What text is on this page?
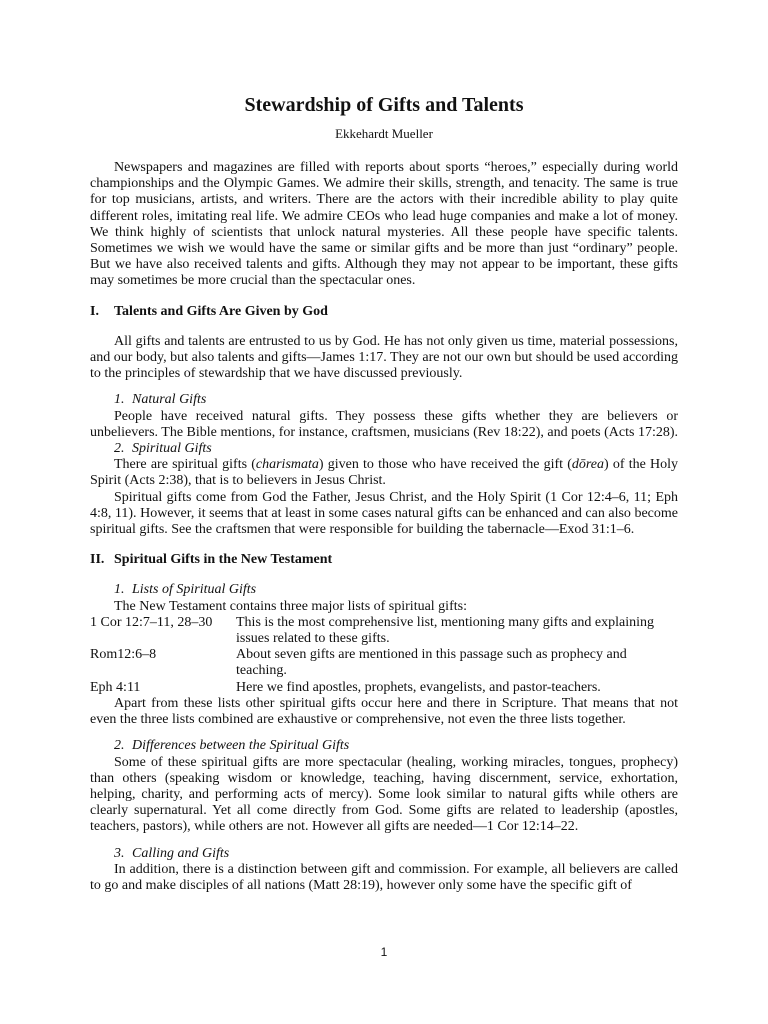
Stewardship of Gifts and Talents
Ekkehardt Mueller

Newspapers and magazines are filled with reports about sports “heroes,” especially during world championships and the Olympic Games. We admire their skills, strength, and tenacity. The same is true for top musicians, artists, and writers. There are the actors with their incredible ability to play quite different roles, imitating real life. We admire CEOs who lead huge companies and make a lot of money. We think highly of scientists that unlock natural mysteries. All these people have specific talents. Sometimes we wish we would have the same or similar gifts and be more than just “ordinary” people. But we have also received talents and gifts. Although they may not appear to be important, these gifts may sometimes be more crucial than the spectacular ones.

I.	Talents and Gifts Are Given by God

All gifts and talents are entrusted to us by God. He has not only given us time, material possessions, and our body, but also talents and gifts—James 1:17. They are not our own but should be used according to the principles of stewardship that we have discussed previously.

1. Natural Gifts

People have received natural gifts. They possess these gifts whether they are believers or unbelievers. The Bible mentions, for instance, craftsmen, musicians (Rev 18:22), and poets (Acts 17:28).

2. Spiritual Gifts

There are spiritual gifts (charismata) given to those who have received the gift (dōrea) of the Holy Spirit (Acts 2:38), that is to believers in Jesus Christ.

Spiritual gifts come from God the Father, Jesus Christ, and the Holy Spirit (1 Cor 12:4–6, 11; Eph 4:8, 11). However, it seems that at least in some cases natural gifts can be enhanced and can also become spiritual gifts. See the craftsmen that were responsible for building the tabernacle—Exod 31:1–6.

II. Spiritual Gifts in the New Testament

1. Lists of Spiritual Gifts

The New Testament contains three major lists of spiritual gifts:

1 Cor 12:7–11, 28–30	This is the most comprehensive list, mentioning many gifts and explaining issues related to these gifts.
Rom12:6–8	About seven gifts are mentioned in this passage such as prophecy and teaching.
Eph 4:11	Here we find apostles, prophets, evangelists, and pastor-teachers.

Apart from these lists other spiritual gifts occur here and there in Scripture. That means that not even the three lists combined are exhaustive or comprehensive, not even the three lists together.

2. Differences between the Spiritual Gifts

Some of these spiritual gifts are more spectacular (healing, working miracles, tongues, prophecy) than others (speaking wisdom or knowledge, teaching, having discernment, service, exhortation, helping, charity, and performing acts of mercy). Some look similar to natural gifts while others are clearly supernatural. Yet all come directly from God. Some gifts are related to leadership (apostles, teachers, pastors), while others are not. However all gifts are needed—1 Cor 12:14–22.

3. Calling and Gifts

In addition, there is a distinction between gift and commission. For example, all believers are called to go and make disciples of all nations (Matt 28:19), however only some have the specific gift of

1
